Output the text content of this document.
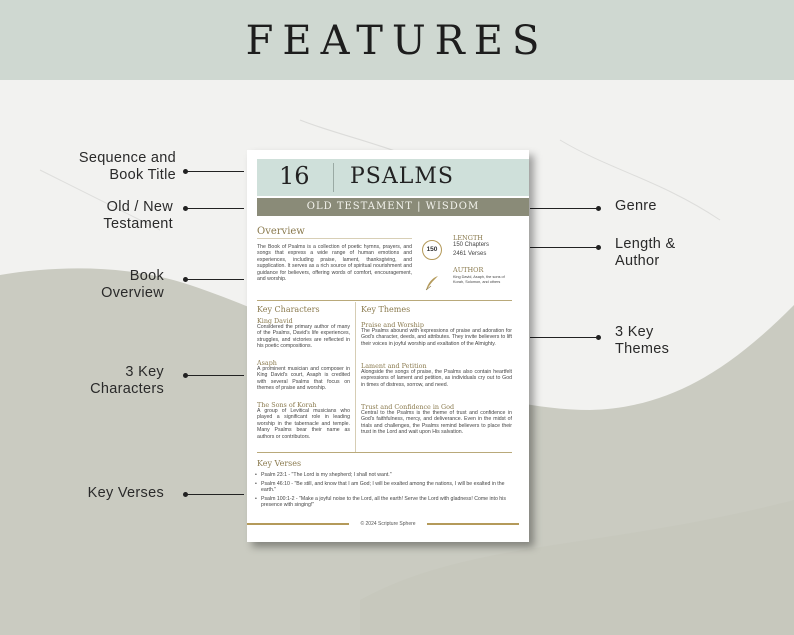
FEATURES
Sequence and
Book Title
Old / New
Testament
Book
Overview
3 Key
Characters
Key Verses
Genre
Length &
Author
3 Key
Themes
16 PSALMS
OLD TESTAMENT | WISDOM
Overview
The Book of Psalms is a collection of poetic hymns, prayers, and songs that express a wide range of human emotions and experiences, including praise, lament, thanksgiving, and supplication. It serves as a rich source of spiritual nourishment and guidance for believers, offering words of comfort, encouragement, and worship.
150
LENGTH
150 Chapters
2461 Verses
AUTHOR
King David, Asaph, the sons of Korah, Solomon, and others
Key Characters
King David
Considered the primary author of many of the Psalms, David's life experiences, struggles, and victories are reflected in his poetic compositions.
Asaph
A prominent musician and composer in King David's court, Asaph is credited with several Psalms that focus on themes of praise and worship.
The Sons of Korah
A group of Levitical musicians who played a significant role in leading worship in the tabernacle and temple. Many Psalms bear their name as authors or contributors.
Key Themes
Praise and Worship
The Psalms abound with expressions of praise and adoration for God's character, deeds, and attributes. They invite believers to lift their voices in joyful worship and exaltation of the Almighty.
Lament and Petition
Alongside the songs of praise, the Psalms also contain heartfelt expressions of lament and petition, as individuals cry out to God in times of distress, sorrow, and need.
Trust and Confidence in God
Central to the Psalms is the theme of trust and confidence in God's faithfulness, mercy, and deliverance. Even in the midst of trials and challenges, the Psalms remind believers to place their trust in the Lord and wait upon His salvation.
Key Verses
• Psalm 23:1 - "The Lord is my shepherd; I shall not want."
• Psalm 46:10 - "Be still, and know that I am God; I will be exalted among the nations, I will be exalted in the earth."
• Psalm 100:1-2 - "Make a joyful noise to the Lord, all the earth! Serve the Lord with gladness! Come into his presence with singing!"
© 2024 Scripture Sphere
